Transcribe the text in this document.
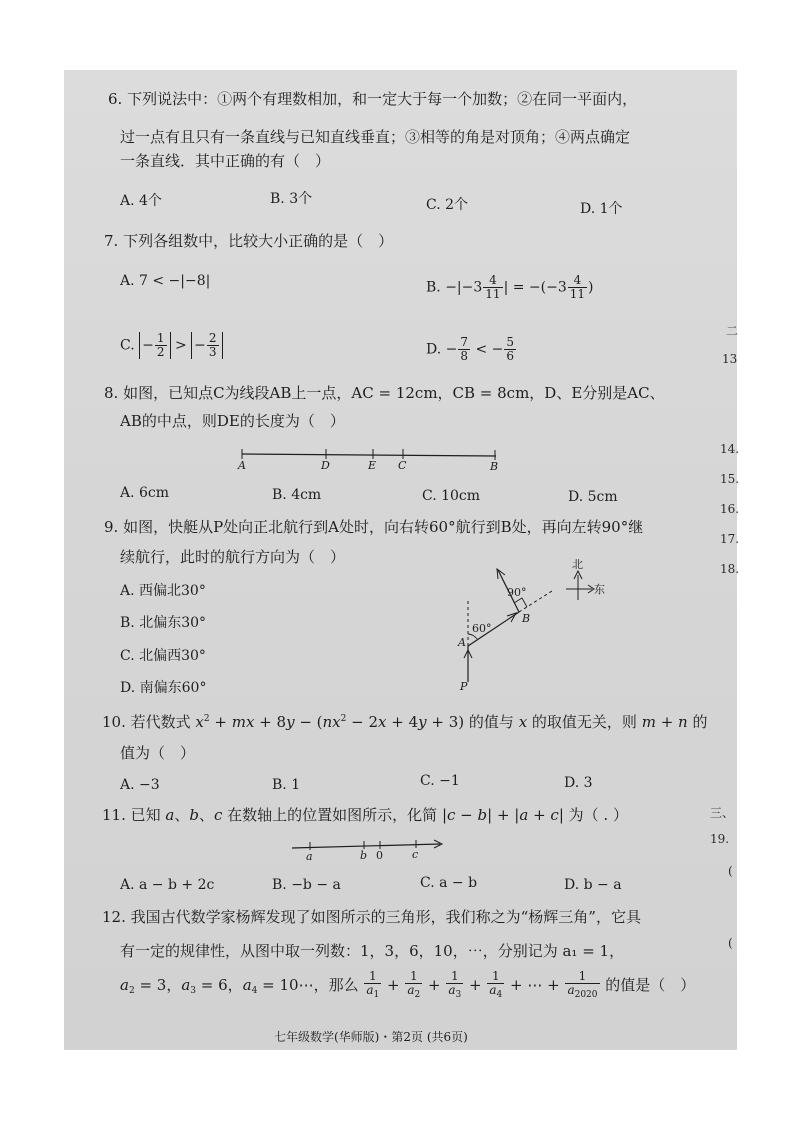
6. 下列说法中：①两个有理数相加，和一定大于每一个加数；②在同一平面内，
过一点有且只有一条直线与已知直线垂直；③相等的角是对顶角；④两点确定
一条直线．其中正确的有（　）
A. 4个	B. 3个	C. 2个	D. 1个
7. 下列各组数中，比较大小正确的是（　）
A. 7 < −|−8|	B. $-|-3 \frac{4}{11}$ | = $-(-3 \frac{4}{11}$ )
C. − $\frac{1}{2}$ > − $\frac{2}{3}$	D. − $\frac{7}{8}$ < − $\frac{5}{6}$
8. 如图，已知点C为线段AB上一点，AC = 12cm，CB = 8cm，D、E分别是AC、
AB的中点，则DE的长度为（　）
A	D	E C	B
A. 6cm	B. 4cm	C. 10cm	D. 5cm
9. 如图，快艇从P处向正北航行到A处时，向右转60°航行到B处，再向左转90°继
续航行，此时的航行方向为（　）
A. 西偏北30°
B. 北偏东30°
C. 北偏西30°
D. 南偏东60°
北
东
A
P
B
60°
90°
10. 若代数式 $x^2$ + mx + $8y - (nx^2 - 2x + 4y + 3)$ 的值与 x 的取值无关，则 m + n 的
值为（　）
A. −3	B. 1	C. −1	D. 3
11. 已知 a、b、c 在数轴上的位置如图所示，化简 |c − b| + |a + c| 为（ . ）
a	b 0	c
A. a − b + 2c	B. −b − a	C. a − b	D. b − a
12. 我国古代数学家杨辉发现了如图所示的三角形，我们称之为“杨辉三角”，它具
有一定的规律性，从图中取一列数：1，3，6，10，⋯，分别记为 a₁ = 1，
$a_2 = 3$，$a_3 = 6$，$a_4$ = 10⋯，那么 $\frac{1}{a_1} + \frac{1}{a_2} + \frac{1}{a_3} + \frac{1}{a_4}$ + ⋯ + $\frac{1}{a_{2020}}$ 的值是（　）
二
13
14.
15.
16.
17.
18.
三、
19.
(
(
七年级数学(华师版)・第2页 (共6页)
